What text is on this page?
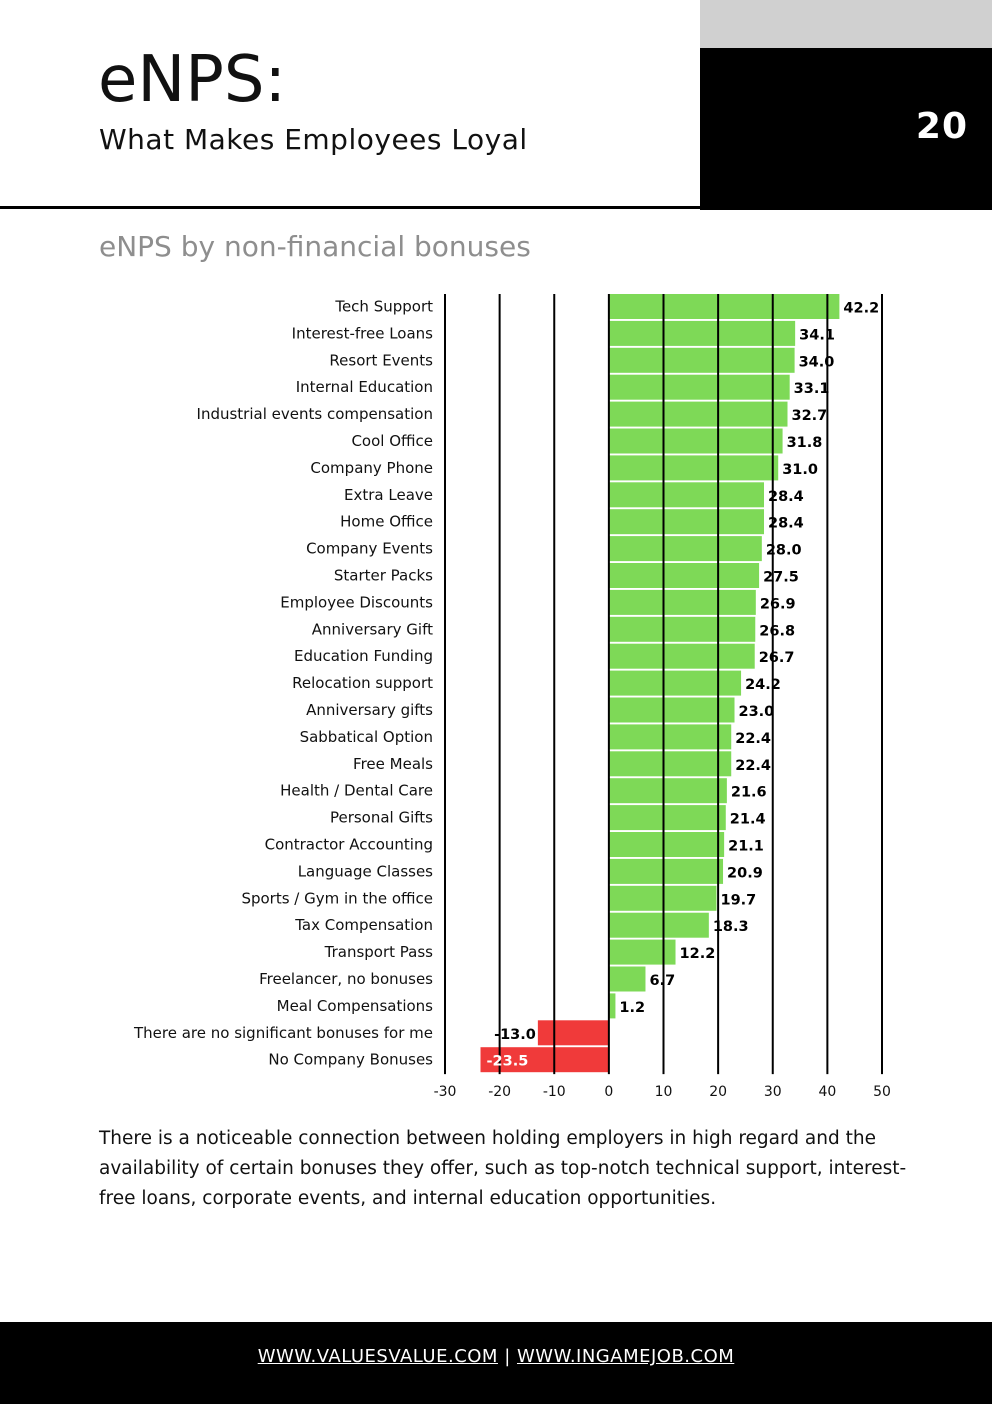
20
eNPS:
What Makes Employees Loyal
eNPS by non-financial bonuses
Tech Support
Interest-free Loans
Resort Events
Internal Education
Industrial events compensation
Cool Office
Company Phone
Extra Leave
Home Office
Company Events
Starter Packs
Employee Discounts
Anniversary Gift
Education Funding
Relocation support
Anniversary gifts
Sabbatical Option
Free Meals
Health / Dental Care
Personal Gifts
Contractor Accounting
Language Classes
Sports / Gym in the office
Tax Compensation
Transport Pass
Freelancer, no bonuses
Meal Compensations
There are no significant bonuses for me
No Company Bonuses
42.2
34.1
34.0
33.1
32.7
31.8
31.0
28.4
28.4
28.0
27.5
26.9
26.8
26.7
24.2
23.0
22.4
22.4
21.6
21.4
21.1
20.9
19.7
18.3
12.2
6.7
1.2
-13.0
-23.5
-30 -20 -10	0	10	20	30	40	50

There is a noticeable connection between holding employers in high regard and the availability of certain bonuses they offer, such as top-notch technical support, interest-free loans, corporate events, and internal education opportunities.

WWW.VALUESVALUE.COM | WWW.INGAMEJOB.COM
